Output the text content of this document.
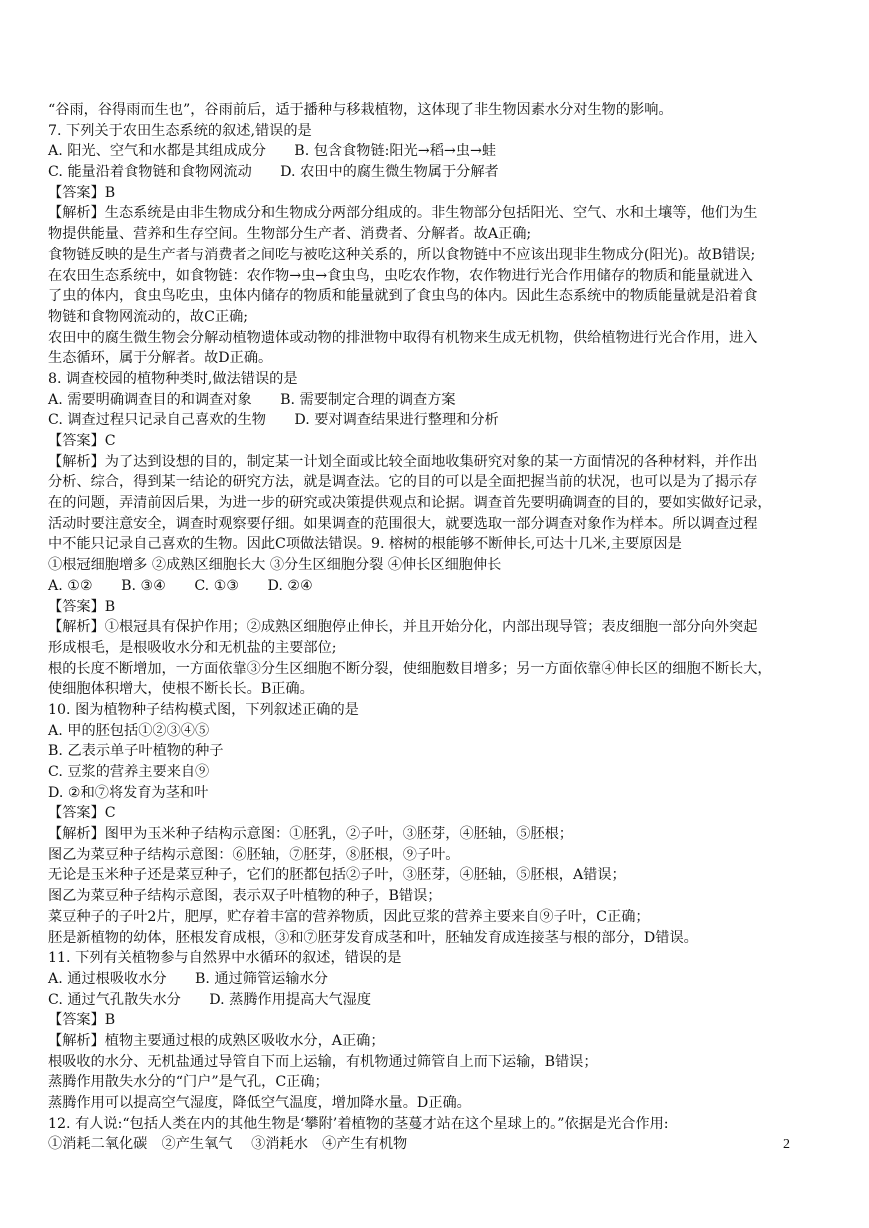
“谷雨，谷得雨而生也”，谷雨前后，适于播种与移栽植物，这体现了非生物因素水分对生物的影响。
7. 下列关于农田生态系统的叙述,错误的是
A. 阳光、空气和水都是其组成成分　　B. 包含食物链:阳光→稻→虫→蛙
C. 能量沿着食物链和食物网流动　　D. 农田中的腐生微生物属于分解者
【答案】B
【解析】生态系统是由非生物成分和生物成分两部分组成的。非生物部分包括阳光、空气、水和土壤等，他们为生
物提供能量、营养和生存空间。生物部分生产者、消费者、分解者。故A正确;
食物链反映的是生产者与消费者之间吃与被吃这种关系的，所以食物链中不应该出现非生物成分(阳光)。故B错误;
在农田生态系统中，如食物链：农作物→虫→食虫鸟，虫吃农作物，农作物进行光合作用储存的物质和能量就进入
了虫的体内，食虫鸟吃虫，虫体内储存的物质和能量就到了食虫鸟的体内。因此生态系统中的物质能量就是沿着食
物链和食物网流动的，故C正确;
农田中的腐生微生物会分解动植物遗体或动物的排泄物中取得有机物来生成无机物，供给植物进行光合作用，进入
生态循环，属于分解者。故D正确。
8. 调查校园的植物种类时,做法错误的是
A. 需要明确调查目的和调查对象　　B. 需要制定合理的调查方案
C. 调查过程只记录自己喜欢的生物　　D. 要对调查结果进行整理和分析
【答案】C
【解析】为了达到设想的目的，制定某一计划全面或比较全面地收集研究对象的某一方面情况的各种材料，并作出
分析、综合，得到某一结论的研究方法，就是调查法。它的目的可以是全面把握当前的状况，也可以是为了揭示存
在的问题，弄清前因后果，为进一步的研究或决策提供观点和论据。调查首先要明确调查的目的，要如实做好记录，
活动时要注意安全，调查时观察要仔细。如果调查的范围很大，就要选取一部分调查对象作为样本。所以调查过程
中不能只记录自己喜欢的生物。因此C项做法错误。9. 榕树的根能够不断伸长,可达十几米,主要原因是
①根冠细胞增多 ②成熟区细胞长大 ③分生区细胞分裂 ④伸长区细胞伸长
A. ①②　　B. ③④　　C. ①③　　D. ②④
【答案】B
【解析】①根冠具有保护作用；②成熟区细胞停止伸长，并且开始分化，内部出现导管；表皮细胞一部分向外突起
形成根毛，是根吸收水分和无机盐的主要部位;
根的长度不断增加，一方面依靠③分生区细胞不断分裂，使细胞数目增多；另一方面依靠④伸长区的细胞不断长大，
使细胞体积增大，使根不断长长。B正确。
10. 图为植物种子结构模式图，下列叙述正确的是
A. 甲的胚包括①②③④⑤
B. 乙表示单子叶植物的种子
C. 豆浆的营养主要来自⑨
D. ②和⑦将发育为茎和叶
【答案】C
【解析】图甲为玉米种子结构示意图：①胚乳，②子叶，③胚芽，④胚轴，⑤胚根；
图乙为菜豆种子结构示意图：⑥胚轴，⑦胚芽，⑧胚根，⑨子叶。
无论是玉米种子还是菜豆种子，它们的胚都包括②子叶，③胚芽，④胚轴，⑤胚根，A错误；
图乙为菜豆种子结构示意图，表示双子叶植物的种子，B错误；
菜豆种子的子叶2片，肥厚，贮存着丰富的营养物质，因此豆浆的营养主要来自⑨子叶，C正确；
胚是新植物的幼体，胚根发育成根，③和⑦胚芽发育成茎和叶，胚轴发育成连接茎与根的部分，D错误。
11. 下列有关植物参与自然界中水循环的叙述，错误的是
A. 通过根吸收水分　　B. 通过筛管运输水分
C. 通过气孔散失水分　　D. 蒸腾作用提高大气湿度
【答案】B
【解析】植物主要通过根的成熟区吸收水分，A正确；
根吸收的水分、无机盐通过导管自下而上运输，有机物通过筛管自上而下运输，B错误；
蒸腾作用散失水分的“门户”是气孔，C正确；
蒸腾作用可以提高空气湿度，降低空气温度，增加降水量。D正确。
12. 有人说:“包括人类在内的其他生物是‘攀附’着植物的茎蔓才站在这个星球上的。”依据是光合作用:
①消耗二氧化碳　②产生氧气　 ③消耗水　④产生有机物	2
